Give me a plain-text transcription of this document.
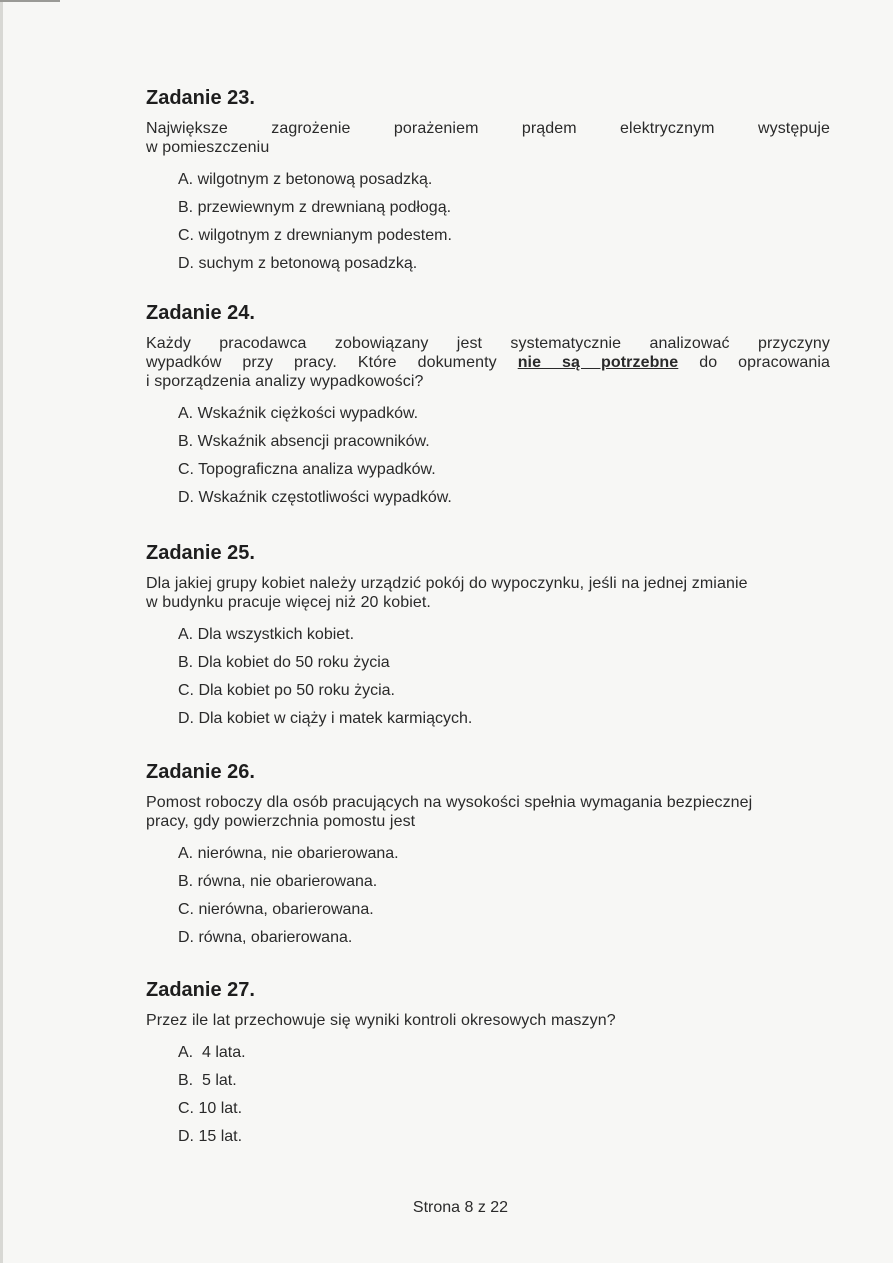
Zadanie 23.

Największe zagrożenie porażeniem prądem elektrycznym występuje
w pomieszczeniu

A. wilgotnym z betonową posadzką.
B. przewiewnym z drewnianą podłogą.
C. wilgotnym z drewnianym podestem.
D. suchym z betonową posadzką.
Zadanie 24.

Każdy pracodawca zobowiązany jest systematycznie analizować przyczyny
wypadków przy pracy. Które dokumenty nie są potrzebne do opracowania
i sporządzenia analizy wypadkowości?

A. Wskaźnik ciężkości wypadków.
B. Wskaźnik absencji pracowników.
C. Topograficzna analiza wypadków.
D. Wskaźnik częstotliwości wypadków.
Zadanie 25.

Dla jakiej grupy kobiet należy urządzić pokój do wypoczynku, jeśli na jednej zmianie
w budynku pracuje więcej niż 20 kobiet.

A. Dla wszystkich kobiet.
B. Dla kobiet do 50 roku życia
C. Dla kobiet po 50 roku życia.
D. Dla kobiet w ciąży i matek karmiących.
Zadanie 26.

Pomost roboczy dla osób pracujących na wysokości spełnia wymagania bezpiecznej
pracy, gdy powierzchnia pomostu jest

A. nierówna, nie obarierowana.
B. równa, nie obarierowana.
C. nierówna, obarierowana.
D. równa, obarierowana.
Zadanie 27.

Przez ile lat przechowuje się wyniki kontroli okresowych maszyn?

A.  4 lata.
B.  5 lat.
C. 10 lat.
D. 15 lat.
Strona 8 z 22
